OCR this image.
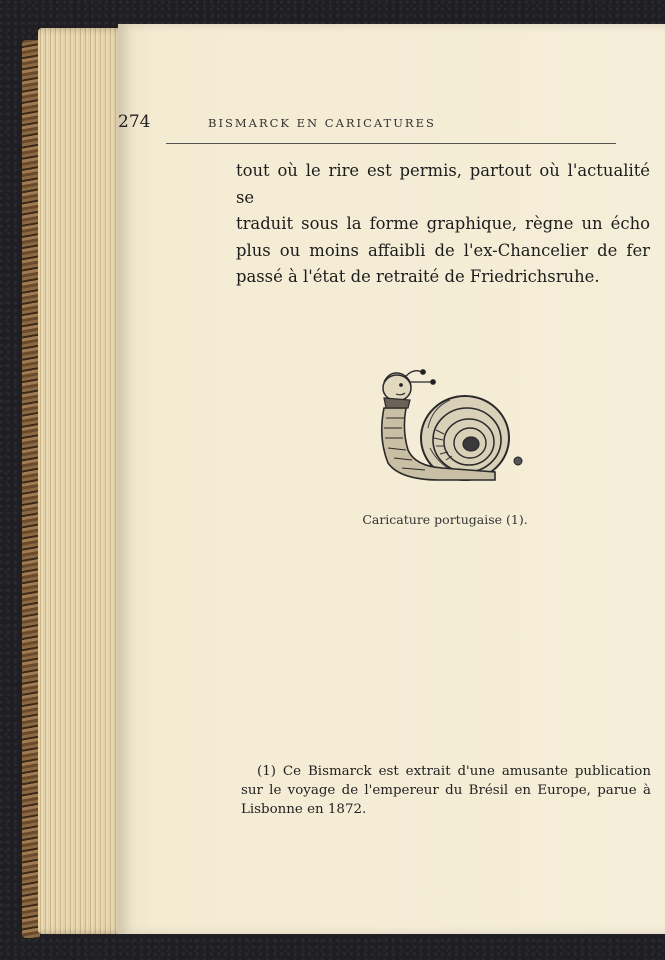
274	BISMARCK EN CARICATURES

tout où le rire est permis, partout où l'actualité se
traduit sous la forme graphique, règne un écho
plus ou moins affaibli de l'ex-Chancelier de fer
passé à l'état de retraité de Friedrichsruhe.

Caricature portugaise (1).
(1) Ce Bismarck est extrait d'une amusante publication
sur le voyage de l'empereur du Brésil en Europe, parue à
Lisbonne en 1872.
